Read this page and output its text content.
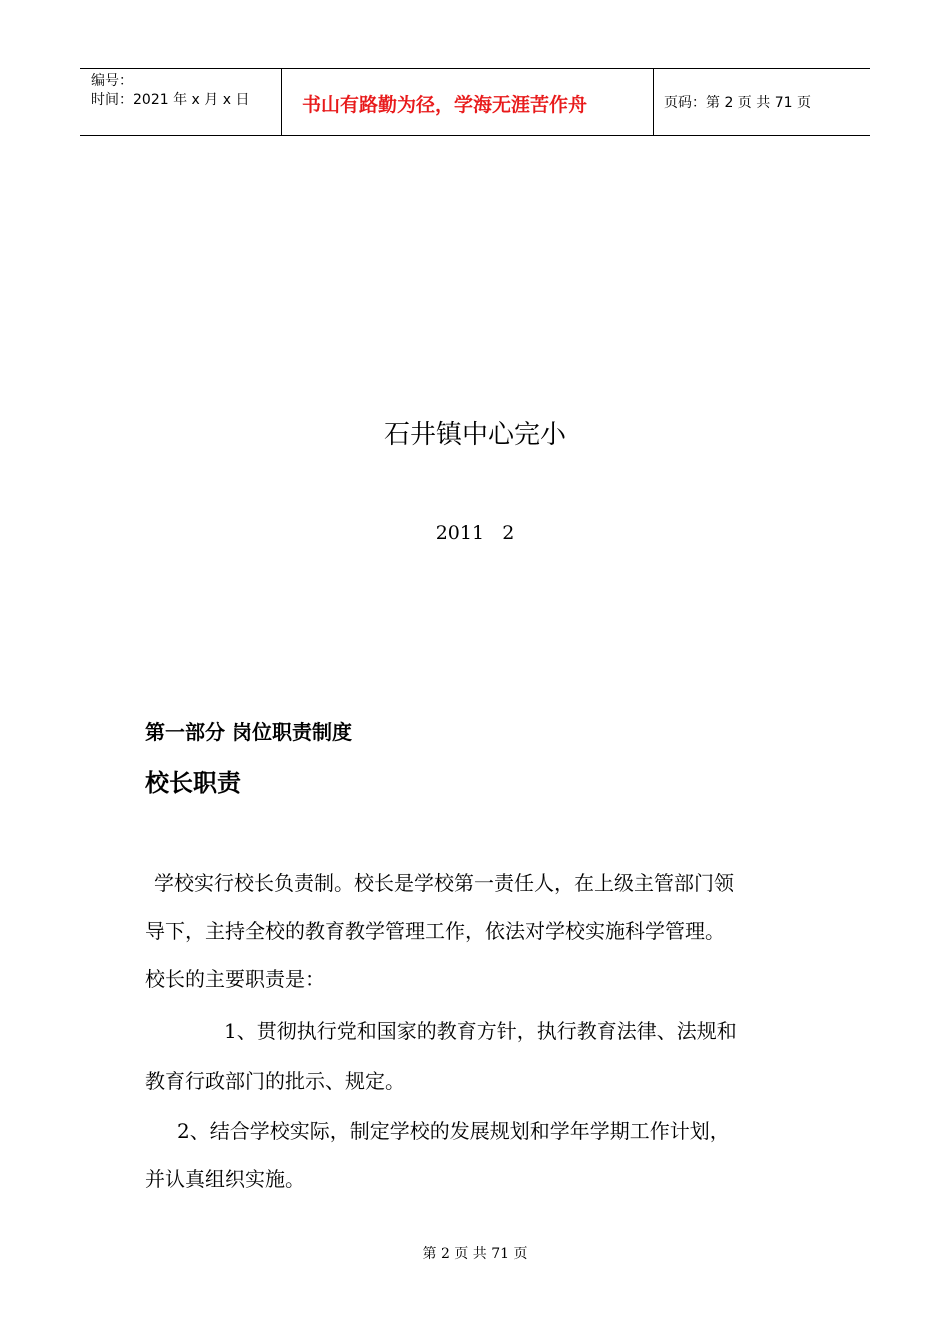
编号：
时间：2021 年 x 月 x 日	书山有路勤为径，学海无涯苦作舟	页码：第 2 页 共 71 页
石井镇中心完小
2011   2
第一部分 岗位职责制度
校长职责
学校实行校长负责制。校长是学校第一责任人，在上级主管部门领
导下，主持全校的教育教学管理工作，依法对学校实施科学管理。
校长的主要职责是：
1、贯彻执行党和国家的教育方针，执行教育法律、法规和
教育行政部门的批示、规定。
2、结合学校实际，制定学校的发展规划和学年学期工作计划，
并认真组织实施。
第 2 页 共 71 页
